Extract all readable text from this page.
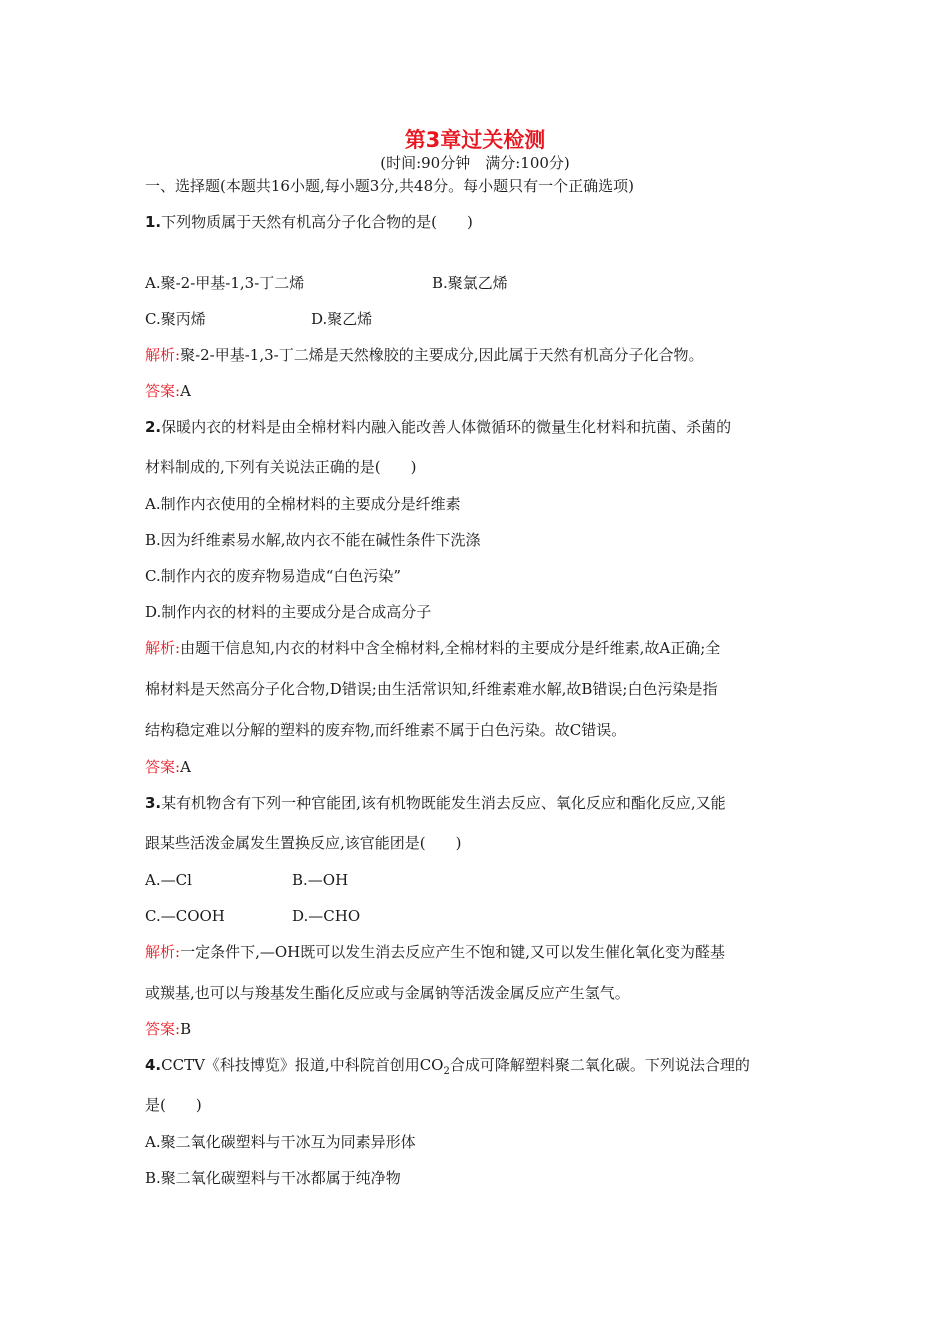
第3章过关检测
(时间:90分钟　满分:100分)
一、选择题(本题共16小题,每小题3分,共48分。每小题只有一个正确选项)
1.下列物质属于天然有机高分子化合物的是(　　)
A.聚-2-甲基-1,3-丁二烯	B.聚氯乙烯
C.聚丙烯	D.聚乙烯
解析:聚-2-甲基-1,3-丁二烯是天然橡胶的主要成分,因此属于天然有机高分子化合物。
答案:A
2.保暖内衣的材料是由全棉材料内融入能改善人体微循环的微量生化材料和抗菌、杀菌的
材料制成的,下列有关说法正确的是(　　)
A.制作内衣使用的全棉材料的主要成分是纤维素
B.因为纤维素易水解,故内衣不能在碱性条件下洗涤
C.制作内衣的废弃物易造成“白色污染”
D.制作内衣的材料的主要成分是合成高分子
解析:由题干信息知,内衣的材料中含全棉材料,全棉材料的主要成分是纤维素,故A正确;全
棉材料是天然高分子化合物,D错误;由生活常识知,纤维素难水解,故B错误;白色污染是指
结构稳定难以分解的塑料的废弃物,而纤维素不属于白色污染。故C错误。
答案:A
3.某有机物含有下列一种官能团,该有机物既能发生消去反应、氧化反应和酯化反应,又能
跟某些活泼金属发生置换反应,该官能团是(　　)
A.—Cl	B.—OH
C.—COOH	D.—CHO
解析:一定条件下,—OH既可以发生消去反应产生不饱和键,又可以发生催化氧化变为醛基
或羰基,也可以与羧基发生酯化反应或与金属钠等活泼金属反应产生氢气。
答案:B
4.CCTV《科技博览》报道,中科院首创用$CO_2$合成可降解塑料聚二氧化碳。下列说法合理的
是(　　)
A.聚二氧化碳塑料与干冰互为同素异形体
B.聚二氧化碳塑料与干冰都属于纯净物
